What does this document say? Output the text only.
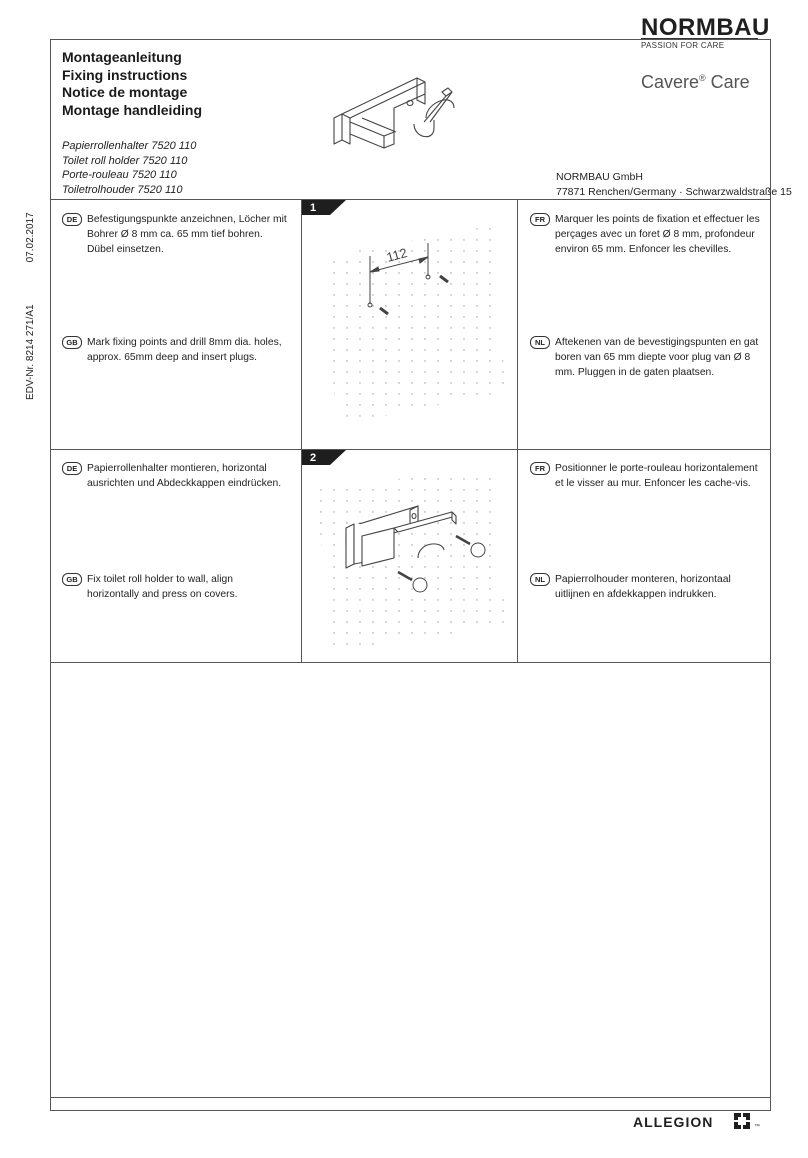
NORMBAU
PASSION FOR CARE
Cavere® Care
EDV-Nr. 8214 271/A107.02.2017
Montageanleitung
Fixing instructions
Notice de montage
Montage handleiding
Papierrollenhalter 7520 110
Toilet roll holder 7520 110
Porte-rouleau 7520 110
Toiletrolhouder 7520 110
NORMBAU GmbH
77871 Renchen/Germany · Schwarzwaldstraße 15
DE Befestigungspunkte anzeichnen, Löcher mit Bohrer Ø 8 mm ca. 65 mm tief bohren. Dübel einsetzen.
GB Mark fixing points and drill 8mm dia. holes, approx. 65mm deep and insert plugs.
FR Marquer les points de fixation et effectuer les perçages avec un foret Ø 8 mm, profondeur environ 65 mm. Enfoncer les chevilles.
NL Aftekenen van de bevestigingspunten en gat boren van 65 mm diepte voor plug van Ø 8 mm. Pluggen in de gaten plaatsen.
1
112
DE Papierrollenhalter montieren, horizontal ausrichten und Abdeckkappen eindrücken.
GB Fix toilet roll holder to wall, align horizontally and press on covers.
FR Positionner le porte-rouleau horizontalement et le visser au mur. Enfoncer les cache-vis.
NL Papierrolhouder monteren, horizontaal uitlijnen en afdekkappen indrukken.
2
ALLEGION	™
